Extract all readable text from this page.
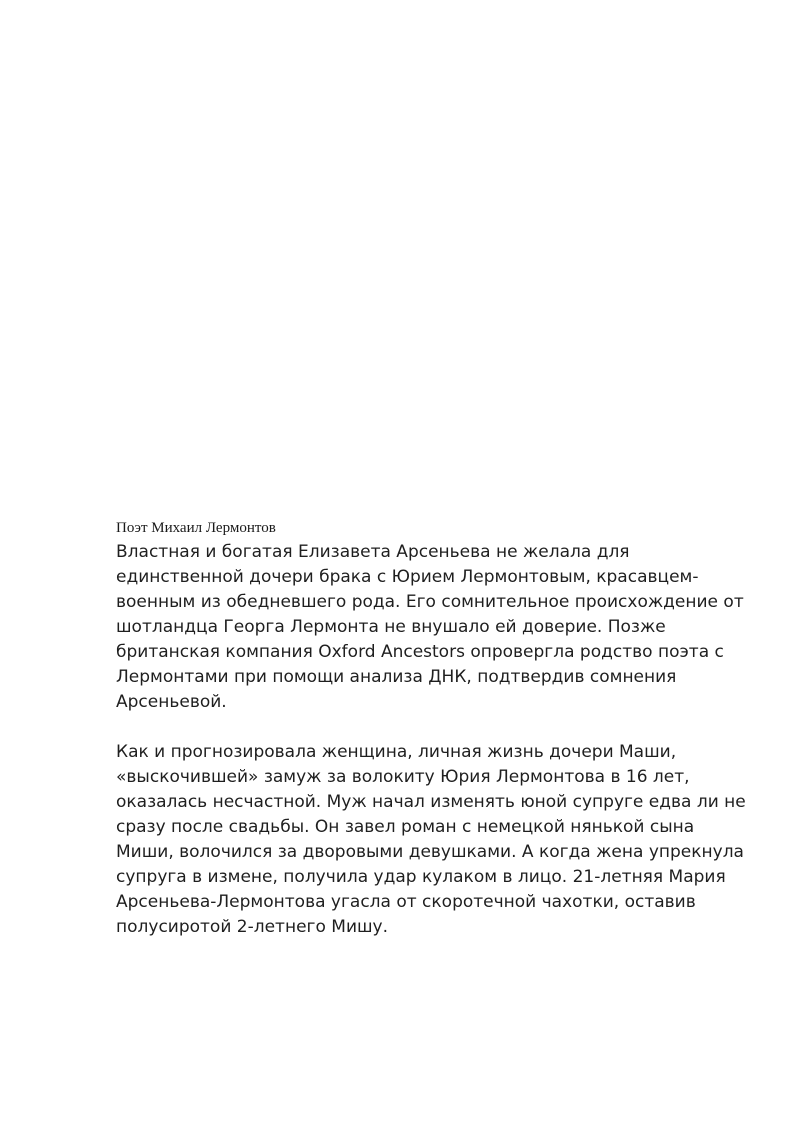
Поэт Михаил Лермонтов

Властная и богатая Елизавета Арсеньева не желала для
единственной дочери брака с Юрием Лермонтовым, красавцем-
военным из обедневшего рода. Его сомнительное происхождение от
шотландца Георга Лермонта не внушало ей доверие. Позже
британская компания Oxford Ancestors опровергла родство поэта с
Лермонтами при помощи анализа ДНК, подтвердив сомнения
Арсеньевой.

Как и прогнозировала женщина, личная жизнь дочери Маши,
«выскочившей» замуж за волокиту Юрия Лермонтова в 16 лет,
оказалась несчастной. Муж начал изменять юной супруге едва ли не
сразу после свадьбы. Он завел роман с немецкой нянькой сына
Миши, волочился за дворовыми девушками. А когда жена упрекнула
супруга в измене, получила удар кулаком в лицо. 21-летняя Мария
Арсеньева-Лермонтова угасла от скоротечной чахотки, оставив
полусиротой 2-летнего Мишу.
